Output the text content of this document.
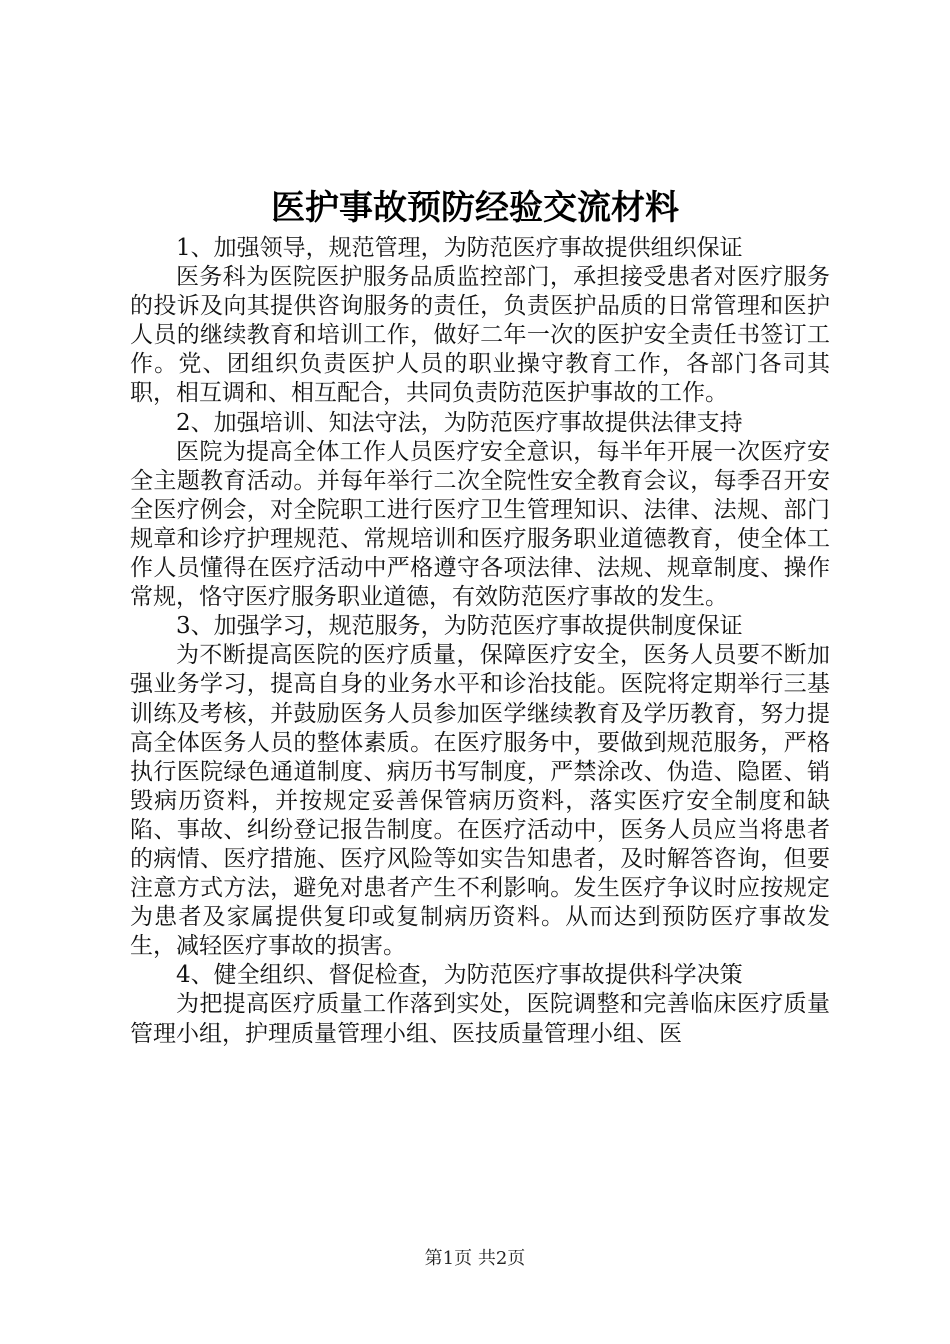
医护事故预防经验交流材料

1、加强领导，规范管理，为防范医疗事故提供组织保证

医务科为医院医护服务品质监控部门，承担接受患者对医疗服务的投诉及向其提供咨询服务的责任，负责医护品质的日常管理和医护人员的继续教育和培训工作，做好二年一次的医护安全责任书签订工作。党、团组织负责医护人员的职业操守教育工作，各部门各司其职，相互调和、相互配合，共同负责防范医护事故的工作。

2、加强培训、知法守法，为防范医疗事故提供法律支持

医院为提高全体工作人员医疗安全意识，每半年开展一次医疗安全主题教育活动。并每年举行二次全院性安全教育会议，每季召开安全医疗例会，对全院职工进行医疗卫生管理知识、法律、法规、部门规章和诊疗护理规范、常规培训和医疗服务职业道德教育，使全体工作人员懂得在医疗活动中严格遵守各项法律、法规、规章制度、操作常规，恪守医疗服务职业道德，有效防范医疗事故的发生。

3、加强学习，规范服务，为防范医疗事故提供制度保证

为不断提高医院的医疗质量，保障医疗安全，医务人员要不断加强业务学习，提高自身的业务水平和诊治技能。医院将定期举行三基训练及考核，并鼓励医务人员参加医学继续教育及学历教育，努力提高全体医务人员的整体素质。在医疗服务中，要做到规范服务，严格执行医院绿色通道制度、病历书写制度，严禁涂改、伪造、隐匿、销毁病历资料，并按规定妥善保管病历资料，落实医疗安全制度和缺陷、事故、纠纷登记报告制度。在医疗活动中，医务人员应当将患者的病情、医疗措施、医疗风险等如实告知患者，及时解答咨询，但要注意方式方法，避免对患者产生不利影响。发生医疗争议时应按规定为患者及家属提供复印或复制病历资料。从而达到预防医疗事故发生，减轻医疗事故的损害。

4、健全组织、督促检查，为防范医疗事故提供科学决策

为把提高医疗质量工作落到实处，医院调整和完善临床医疗质量管理小组，护理质量管理小组、医技质量管理小组、医

第1页 共2页
